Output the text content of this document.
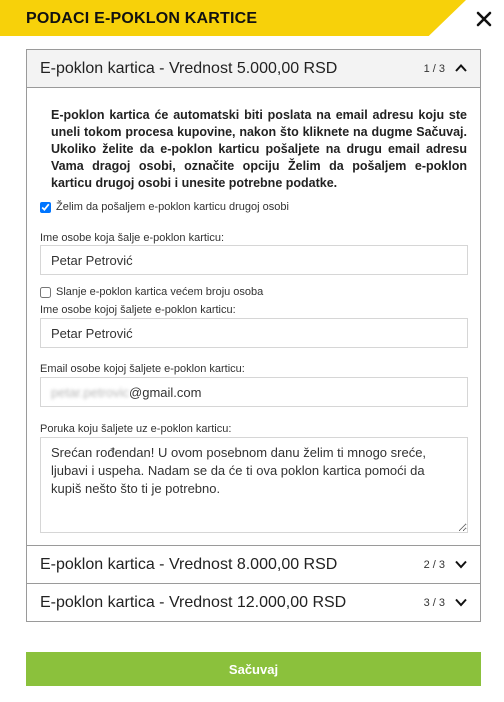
PODACI E-POKLON KARTICE
E-poklon kartica - Vrednost 5.000,00 RSD	1 / 3

E-poklon kartica će automatski biti poslata na email adresu koju ste uneli tokom procesa kupovine, nakon što kliknete na dugme Sačuvaj. Ukoliko želite da e-poklon karticu pošaljete na drugu email adresu Vama dragoj osobi, označite opciju Želim da pošaljem e-poklon karticu drugoj osobi i unesite potrebne podatke.

Želim da pošaljem e-poklon karticu drugoj osobi
Ime osobe koja šalje e-poklon karticu:
Petar Petrović
Slanje e-poklon kartica većem broju osoba
Ime osobe kojoj šaljete e-poklon karticu:
Petar Petrović
Email osobe kojoj šaljete e-poklon karticu:
petar.petrovic @gmail.com
Poruka koju šaljete uz e-poklon karticu:
Srećan rođendan! U ovom posebnom danu želim ti mnogo sreće, ljubavi i uspeha. Nadam se da će ti ova poklon kartica pomoći da kupiš nešto što ti je potrebno.
E-poklon kartica - Vrednost 8.000,00 RSD	2 / 3
E-poklon kartica - Vrednost 12.000,00 RSD	3 / 3
Sačuvaj
